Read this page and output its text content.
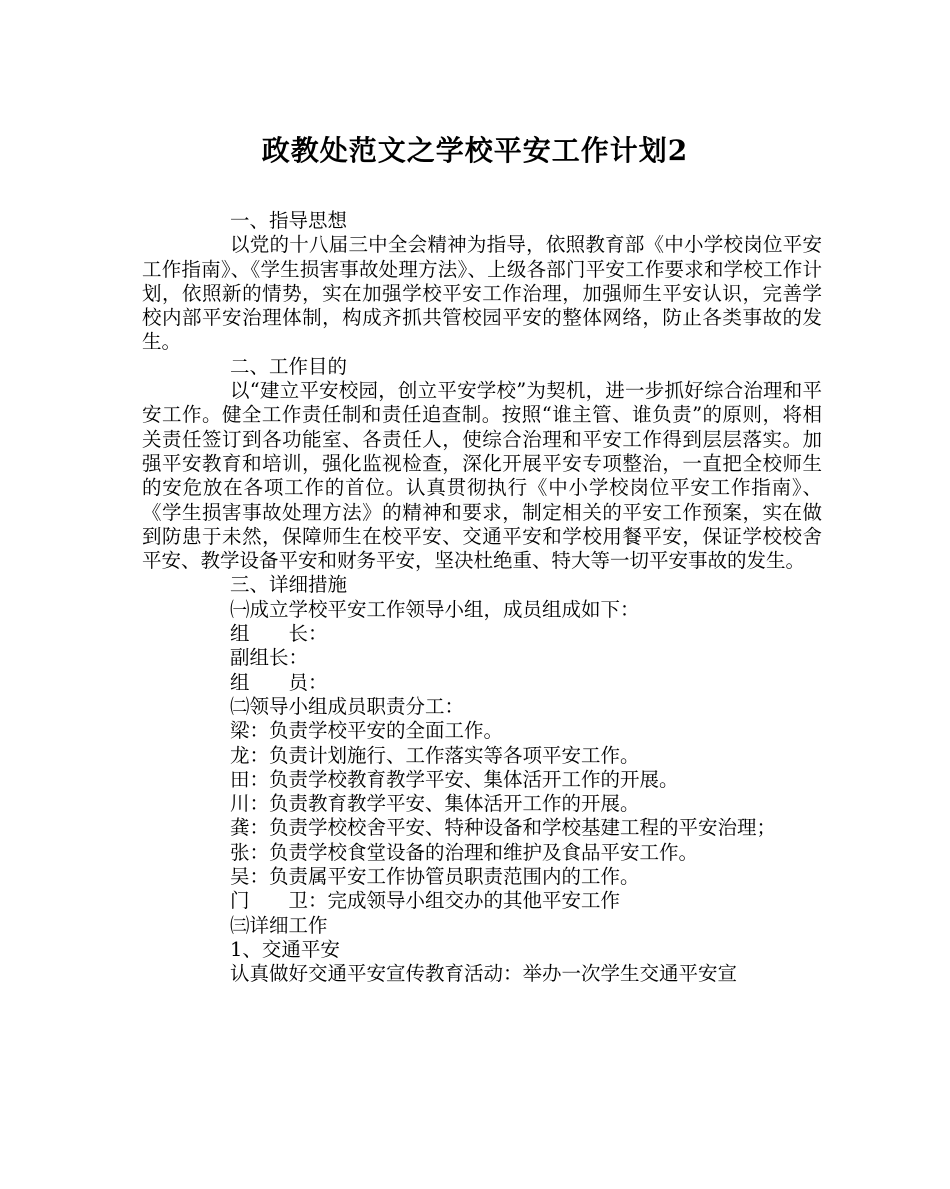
政教处范文之学校平安工作计划2

一、指导思想

以党的十八届三中全会精神为指导，依照教育部《中小学校岗位平安工作指南》、《学生损害事故处理方法》、上级各部门平安工作要求和学校工作计划，依照新的情势，实在加强学校平安工作治理，加强师生平安认识，完善学校内部平安治理体制，构成齐抓共管校园平安的整体网络，防止各类事故的发生。

二、工作目的

以“建立平安校园，创立平安学校”为契机，进一步抓好综合治理和平安工作。健全工作责任制和责任追查制。按照“谁主管、谁负责”的原则，将相关责任签订到各功能室、各责任人，使综合治理和平安工作得到层层落实。加强平安教育和培训，强化监视检查，深化开展平安专项整治，一直把全校师生的安危放在各项工作的首位。认真贯彻执行《中小学校岗位平安工作指南》、《学生损害事故处理方法》的精神和要求，制定相关的平安工作预案，实在做到防患于未然，保障师生在校平安、交通平安和学校用餐平安，保证学校校舍平安、教学设备平安和财务平安，坚决杜绝重、特大等一切平安事故的发生。

三、详细措施

㈠成立学校平安工作领导小组，成员组成如下：

组　　长：

副组长：

组　　员：

㈡领导小组成员职责分工：

梁：负责学校平安的全面工作。

龙：负责计划施行、工作落实等各项平安工作。

田：负责学校教育教学平安、集体活开工作的开展。

川：负责教育教学平安、集体活开工作的开展。

龚：负责学校校舍平安、特种设备和学校基建工程的平安治理；

张：负责学校食堂设备的治理和维护及食品平安工作。

吴：负责属平安工作协管员职责范围内的工作。

门　　卫：完成领导小组交办的其他平安工作

㈢详细工作

1、交通平安

认真做好交通平安宣传教育活动：举办一次学生交通平安宣
